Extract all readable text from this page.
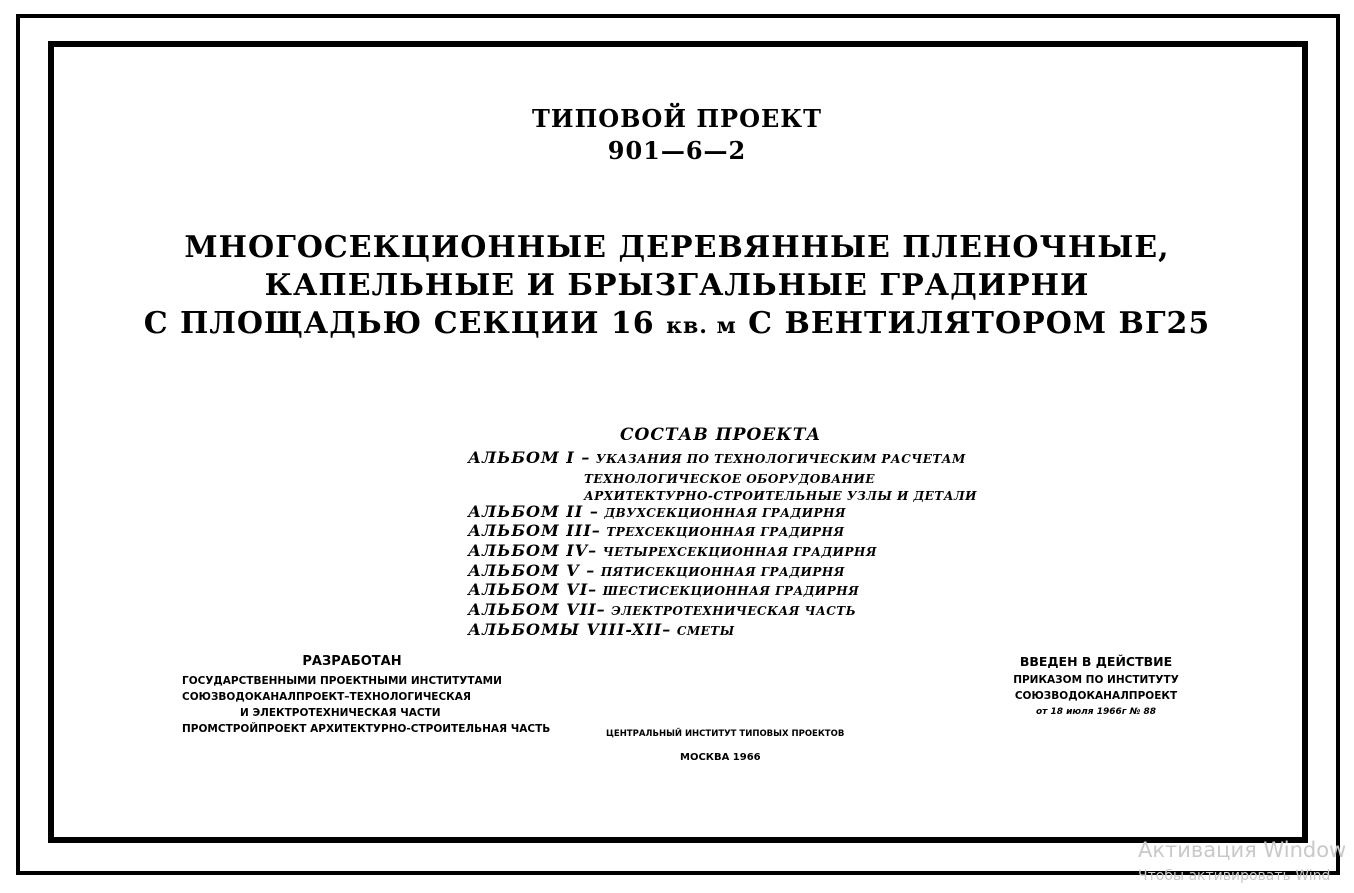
ТИПОВОЙ ПРОЕКТ
901—6—2
МНОГОСЕКЦИОННЫЕ ДЕРЕВЯННЫЕ ПЛЕНОЧНЫЕ,
КАПЕЛЬНЫЕ И БРЫЗГАЛЬНЫЕ ГРАДИРНИ
С ПЛОЩАДЬЮ СЕКЦИИ 16 кв. м С ВЕНТИЛЯТОРОМ ВГ25
СОСТАВ ПРОЕКТА
АЛЬБОМ I – УКАЗАНИЯ ПО ТЕХНОЛОГИЧЕСКИМ РАСЧЕТАМ
ТЕХНОЛОГИЧЕСКОЕ ОБОРУДОВАНИЕ
АРХИТЕКТУРНО-СТРОИТЕЛЬНЫЕ УЗЛЫ И ДЕТАЛИ
АЛЬБОМ II – ДВУХСЕКЦИОННАЯ ГРАДИРНЯ
АЛЬБОМ III– ТРЕХСЕКЦИОННАЯ ГРАДИРНЯ
АЛЬБОМ IV– ЧЕТЫРЕХСЕКЦИОННАЯ ГРАДИРНЯ
АЛЬБОМ V – ПЯТИСЕКЦИОННАЯ ГРАДИРНЯ
АЛЬБОМ VI– ШЕСТИСЕКЦИОННАЯ ГРАДИРНЯ
АЛЬБОМ VII– ЭЛЕКТРОТЕХНИЧЕСКАЯ ЧАСТЬ
АЛЬБОМЫ VIII-XII– СМЕТЫ
РАЗРАБОТАН
ГОСУДАРСТВЕННЫМИ ПРОЕКТНЫМИ ИНСТИТУТАМИ
СОЮЗВОДОКАНАЛПРОЕКТ–ТЕХНОЛОГИЧЕСКАЯ
И ЭЛЕКТРОТЕХНИЧЕСКАЯ ЧАСТИ
ПРОМСТРОЙПРОЕКТ АРХИТЕКТУРНО-СТРОИТЕЛЬНАЯ ЧАСТЬ
ВВЕДЕН В ДЕЙСТВИЕ
ПРИКАЗОМ ПО ИНСТИТУТУ
СОЮЗВОДОКАНАЛПРОЕКТ
от 18 июля 1966г № 88
ЦЕНТРАЛЬНЫЙ ИНСТИТУТ ТИПОВЫХ ПРОЕКТОВ
МОСКВА 1966
Активация Window
Чтобы активировать Wind
